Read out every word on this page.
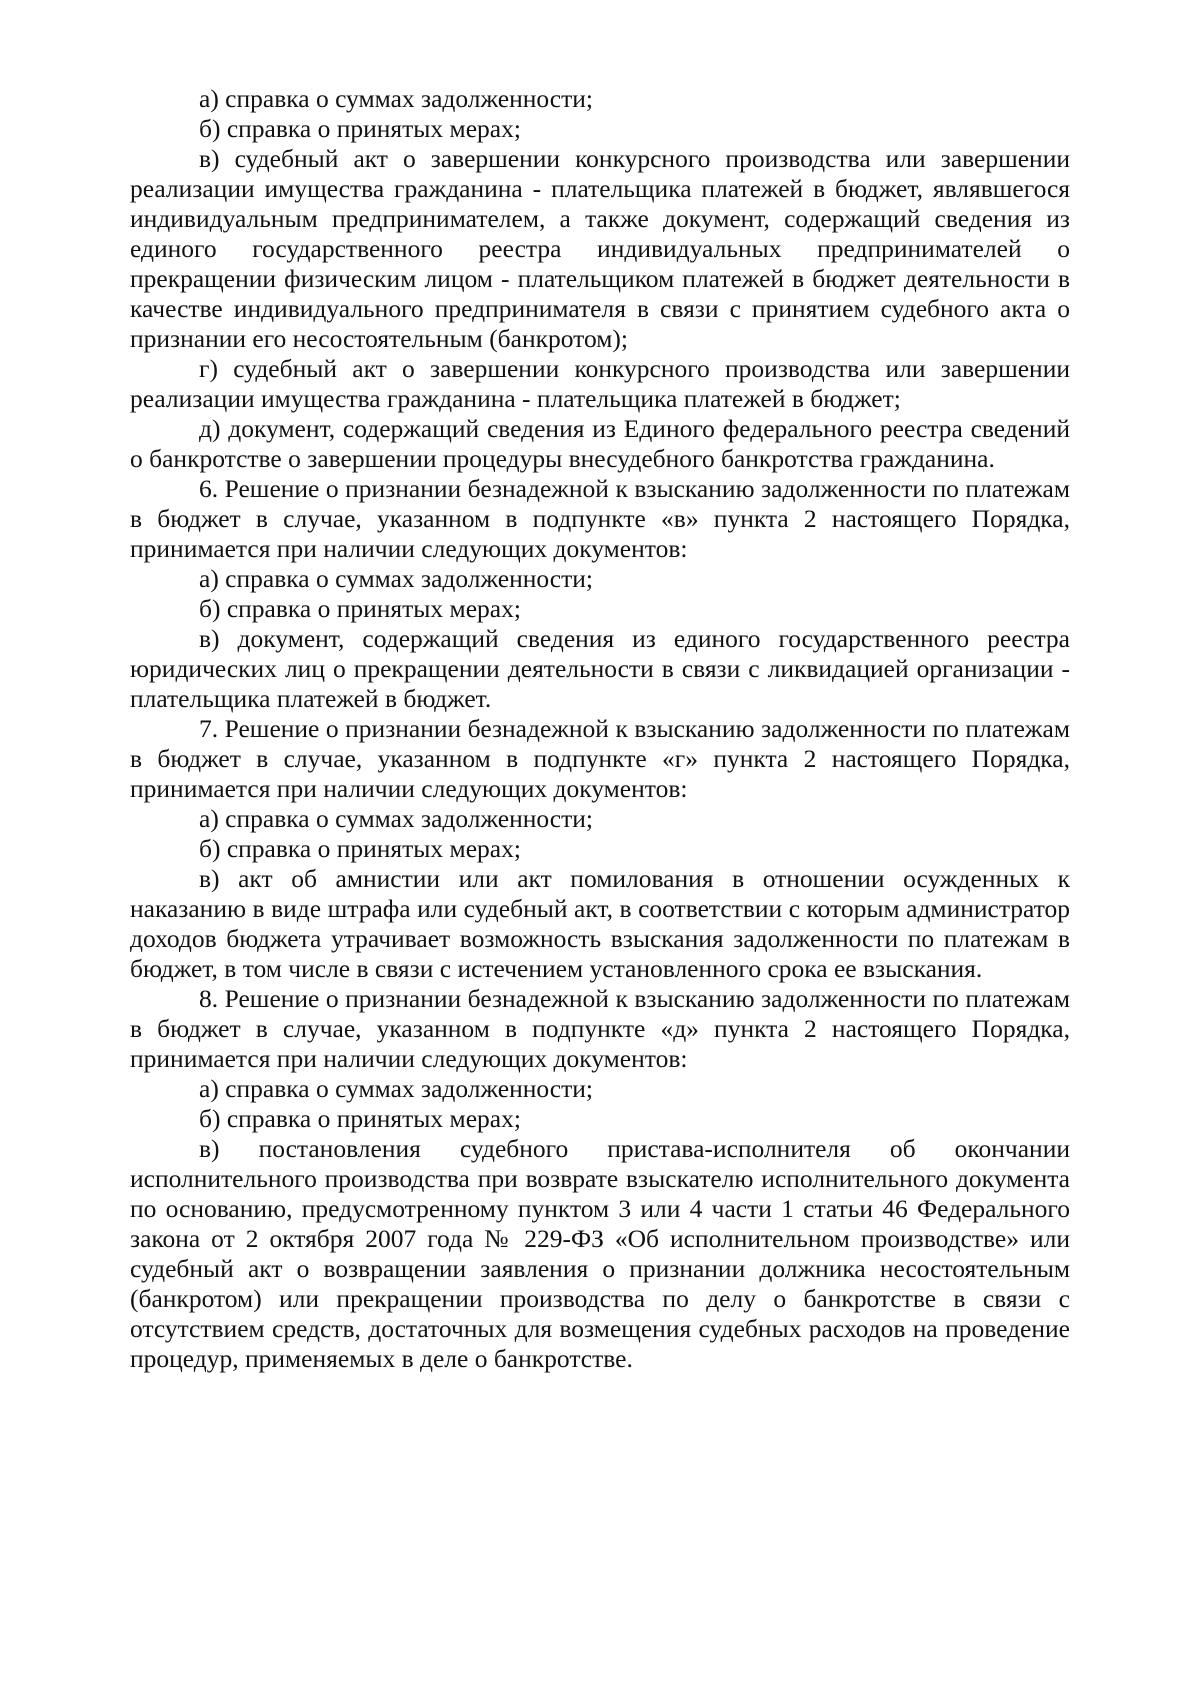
а) справка о суммах задолженности;

б) справка о принятых мерах;

в) судебный акт о завершении конкурсного производства или завершении реализации имущества гражданина - плательщика платежей в бюджет, являвшегося индивидуальным предпринимателем, а также документ, содержащий сведения из единого государственного реестра индивидуальных предпринимателей о прекращении физическим лицом - плательщиком платежей в бюджет деятельности в качестве индивидуального предпринимателя в связи с принятием судебного акта о признании его несостоятельным (банкротом);

г) судебный акт о завершении конкурсного производства или завершении реализации имущества гражданина - плательщика платежей в бюджет;

д) документ, содержащий сведения из Единого федерального реестра сведений о банкротстве о завершении процедуры внесудебного банкротства гражданина.

6. Решение о признании безнадежной к взысканию задолженности по платежам в бюджет в случае, указанном в подпункте «в» пункта 2 настоящего Порядка, принимается при наличии следующих документов:

а) справка о суммах задолженности;

б) справка о принятых мерах;

в) документ, содержащий сведения из единого государственного реестра юридических лиц о прекращении деятельности в связи с ликвидацией организации - плательщика платежей в бюджет.

7. Решение о признании безнадежной к взысканию задолженности по платежам в бюджет в случае, указанном в подпункте «г» пункта 2 настоящего Порядка, принимается при наличии следующих документов:

а) справка о суммах задолженности;

б) справка о принятых мерах;

в) акт об амнистии или акт помилования в отношении осужденных к наказанию в виде штрафа или судебный акт, в соответствии с которым администратор доходов бюджета утрачивает возможность взыскания задолженности по платежам в бюджет, в том числе в связи с истечением установленного срока ее взыскания.

8. Решение о признании безнадежной к взысканию задолженности по платежам в бюджет в случае, указанном в подпункте «д» пункта 2 настоящего Порядка, принимается при наличии следующих документов:

а) справка о суммах задолженности;

б) справка о принятых мерах;

в) постановления судебного пристава-исполнителя об окончании исполнительного производства при возврате взыскателю исполнительного документа по основанию, предусмотренному пунктом 3 или 4 части 1 статьи 46 Федерального закона от 2 октября 2007 года № 229-ФЗ «Об исполнительном производстве» или судебный акт о возвращении заявления о признании должника несостоятельным (банкротом) или прекращении производства по делу о банкротстве в связи с отсутствием средств, достаточных для возмещения судебных расходов на проведение процедур, применяемых в деле о банкротстве.
